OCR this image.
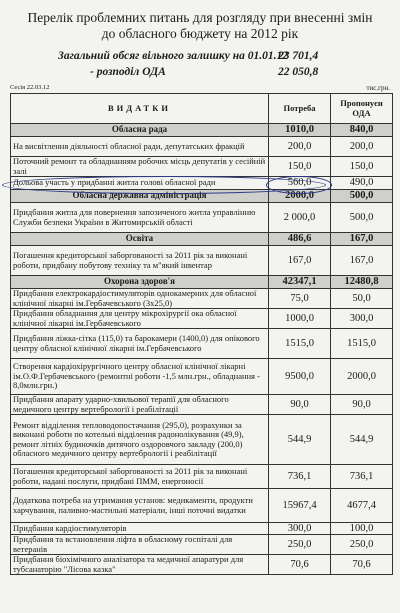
Перелік проблемних питань для розгляду при внесенні змін до обласного бюджету на 2012 рік
Загальний обсяг вільного залишку на 01.01.12
23 701,4
- розподіл ОДА	22 050,8
Сесія 22.03.12	тис.грн.
ВИДАТКИ	Потреба	Пропонуєи ОДА
Обласна рада	1010,0	840,0
На висвітлення діяльності обласної ради, депутатських фракцій	200,0	200,0
Поточний ремонт та обладнанням робочих місць депутатів у сесійній залі	150,0	150,0
Дольова участь у придбанні житла голові обласної ради	560,0	490,0
Обласна державна адміністрація	2000,0	500,0
Придбання житла для повернення запозиченого житла управлінню Служби безпеки України в Житомирській області	2 000,0	500,0
Освіта	486,6	167,0
Погашення кредиторської заборгованості за 2011 рік за виконані роботи, придбану побутову техніку та м"який інвентар	167,0	167,0
Охорона здоров'я	42347,1	12480,8
Придбання електрокардіостимуляторів однокамерних для обласної клінічної лікарні ім.Гербачевського (3х25,0)	75,0	50,0
Придбання обладнання для центру мікрохірургії ока обласної клінічної лікарні ім.Гербачевського	1000,0	300,0
Придбання ліжка-сітка (115,0) та барокамери (1400,0) для опікового центру обласної клінічної лікарні ім.Гербачевського	1515,0	1515,0
Створення кардіохірургічного центру обласної клінічної лікарні ім.О.Ф.Гербачевського (ремонтні роботи -1,5 млн.грн., обладнання - 8,0млн.грн.)	9500,0	2000,0
Придбання апарату ударно-хвильової терапії для обласного медичного центру вертебрології і реабілітації	90,0	90,0
Ремонт відділення тепловодопостачання (295,0), розрахунки за виконані роботи по котельні відділення радонолікування (49,9), ремонт літніх будиночків дитячого оздоровчого закладу (200,0) обласного медичного центру вертебрології і реабілітації	544,9	544,9
Погашення кредиторської заборгованості за 2011 рік за виконані роботи, надані послуги, придбані ПММ, енергоносії	736,1	736,1
Додаткова потреба на утримання установ: медикаменти, продукти харчування, паливно-мастильні матеріали, інші поточні видатки	15967,4	4677,4
Придбання кардіостимуляторів	300,0	100,0
Придбання та встановлення ліфта в обласному госпіталі для ветеранів	250,0	250,0
Придбання біохімічного аналізатора та медичної апаратури для тубсанаторію "Лісова казка"	70,6	70,6
